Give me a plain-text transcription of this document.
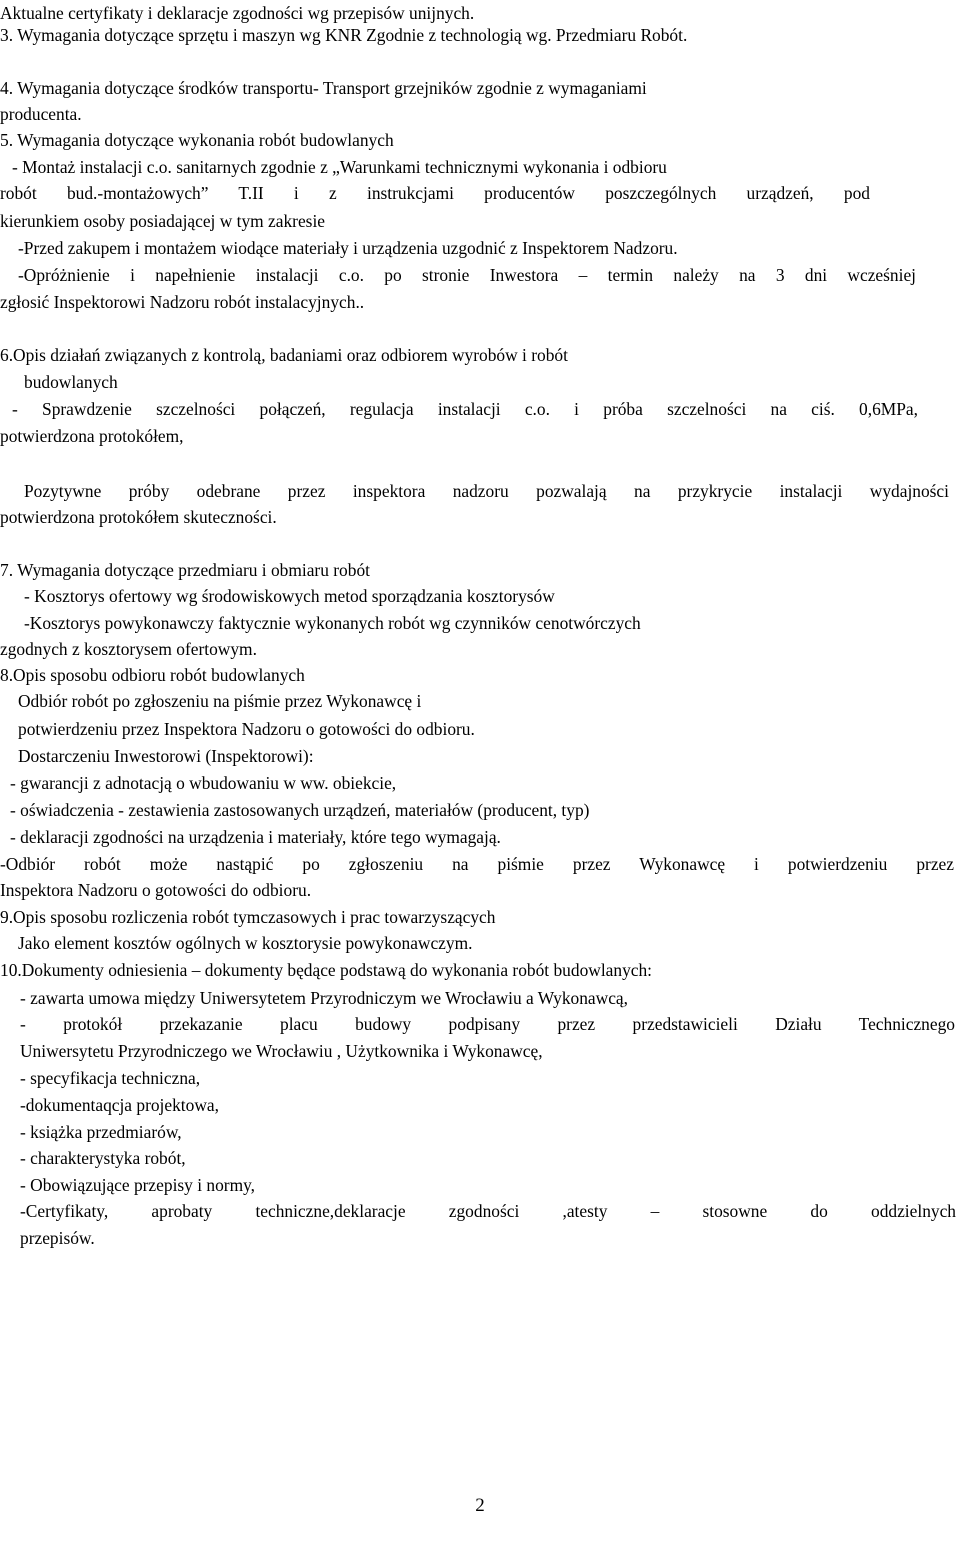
Aktualne certyfikaty i deklaracje zgodności wg przepisów unijnych.
3. Wymagania dotyczące sprzętu i maszyn wg KNR Zgodnie z technologią wg. Przedmiaru Robót.
4. Wymagania dotyczące środków transportu- Transport grzejników zgodnie z wymaganiami
producenta.
5. Wymagania dotyczące wykonania robót budowlanych
- Montaż instalacji c.o. sanitarnych zgodnie z „Warunkami technicznymi wykonania i odbioru
robót bud.-montażowych” T.II i z instrukcjami producentów poszczególnych urządzeń, pod
kierunkiem osoby posiadającej w tym zakresie
-Przed zakupem i montażem wiodące materiały i urządzenia uzgodnić z Inspektorem Nadzoru.
-Opróżnienie i napełnienie instalacji c.o. po stronie Inwestora – termin należy na 3 dni wcześniej
zgłosić Inspektorowi Nadzoru robót instalacyjnych..
6.Opis działań związanych z kontrolą, badaniami oraz odbiorem wyrobów i robót
budowlanych
- Sprawdzenie szczelności połączeń, regulacja instalacji c.o. i próba szczelności na ciś. 0,6MPa,
potwierdzona protokółem,
Pozytywne próby odebrane przez inspektora nadzoru pozwalają na przykrycie instalacji wydajności
potwierdzona protokółem skuteczności.
7. Wymagania dotyczące przedmiaru i obmiaru robót
- Kosztorys ofertowy wg środowiskowych metod sporządzania kosztorysów
-Kosztorys powykonawczy faktycznie wykonanych robót wg czynników cenotwórczych
zgodnych z kosztorysem ofertowym.
8.Opis sposobu odbioru robót budowlanych
Odbiór robót po zgłoszeniu na piśmie przez Wykonawcę i
potwierdzeniu przez Inspektora Nadzoru o gotowości do odbioru.
Dostarczeniu Inwestorowi (Inspektorowi):
- gwarancji z adnotacją o wbudowaniu w ww. obiekcie,
- oświadczenia - zestawienia zastosowanych urządzeń, materiałów (producent, typ)
- deklaracji zgodności na urządzenia i materiały, które tego wymagają.
-Odbiór robót może nastąpić po zgłoszeniu na piśmie przez Wykonawcę i potwierdzeniu przez
Inspektora Nadzoru o gotowości do odbioru.
9.Opis sposobu rozliczenia robót tymczasowych i prac towarzyszących
Jako element kosztów ogólnych w kosztorysie powykonawczym.
10.Dokumenty odniesienia – dokumenty będące podstawą do wykonania robót budowlanych:
- zawarta umowa między Uniwersytetem Przyrodniczym we Wrocławiu a Wykonawcą,
- protokół przekazanie placu budowy podpisany przez przedstawicieli Działu Technicznego
Uniwersytetu Przyrodniczego we Wrocławiu , Użytkownika i Wykonawcę,
- specyfikacja techniczna,
-dokumentaqcja projektowa,
- książka przedmiarów,
- charakterystyka robót,
- Obowiązujące przepisy i normy,
-Certyfikaty, aprobaty techniczne,deklaracje zgodności ,atesty – stosowne do oddzielnych
przepisów.
2
